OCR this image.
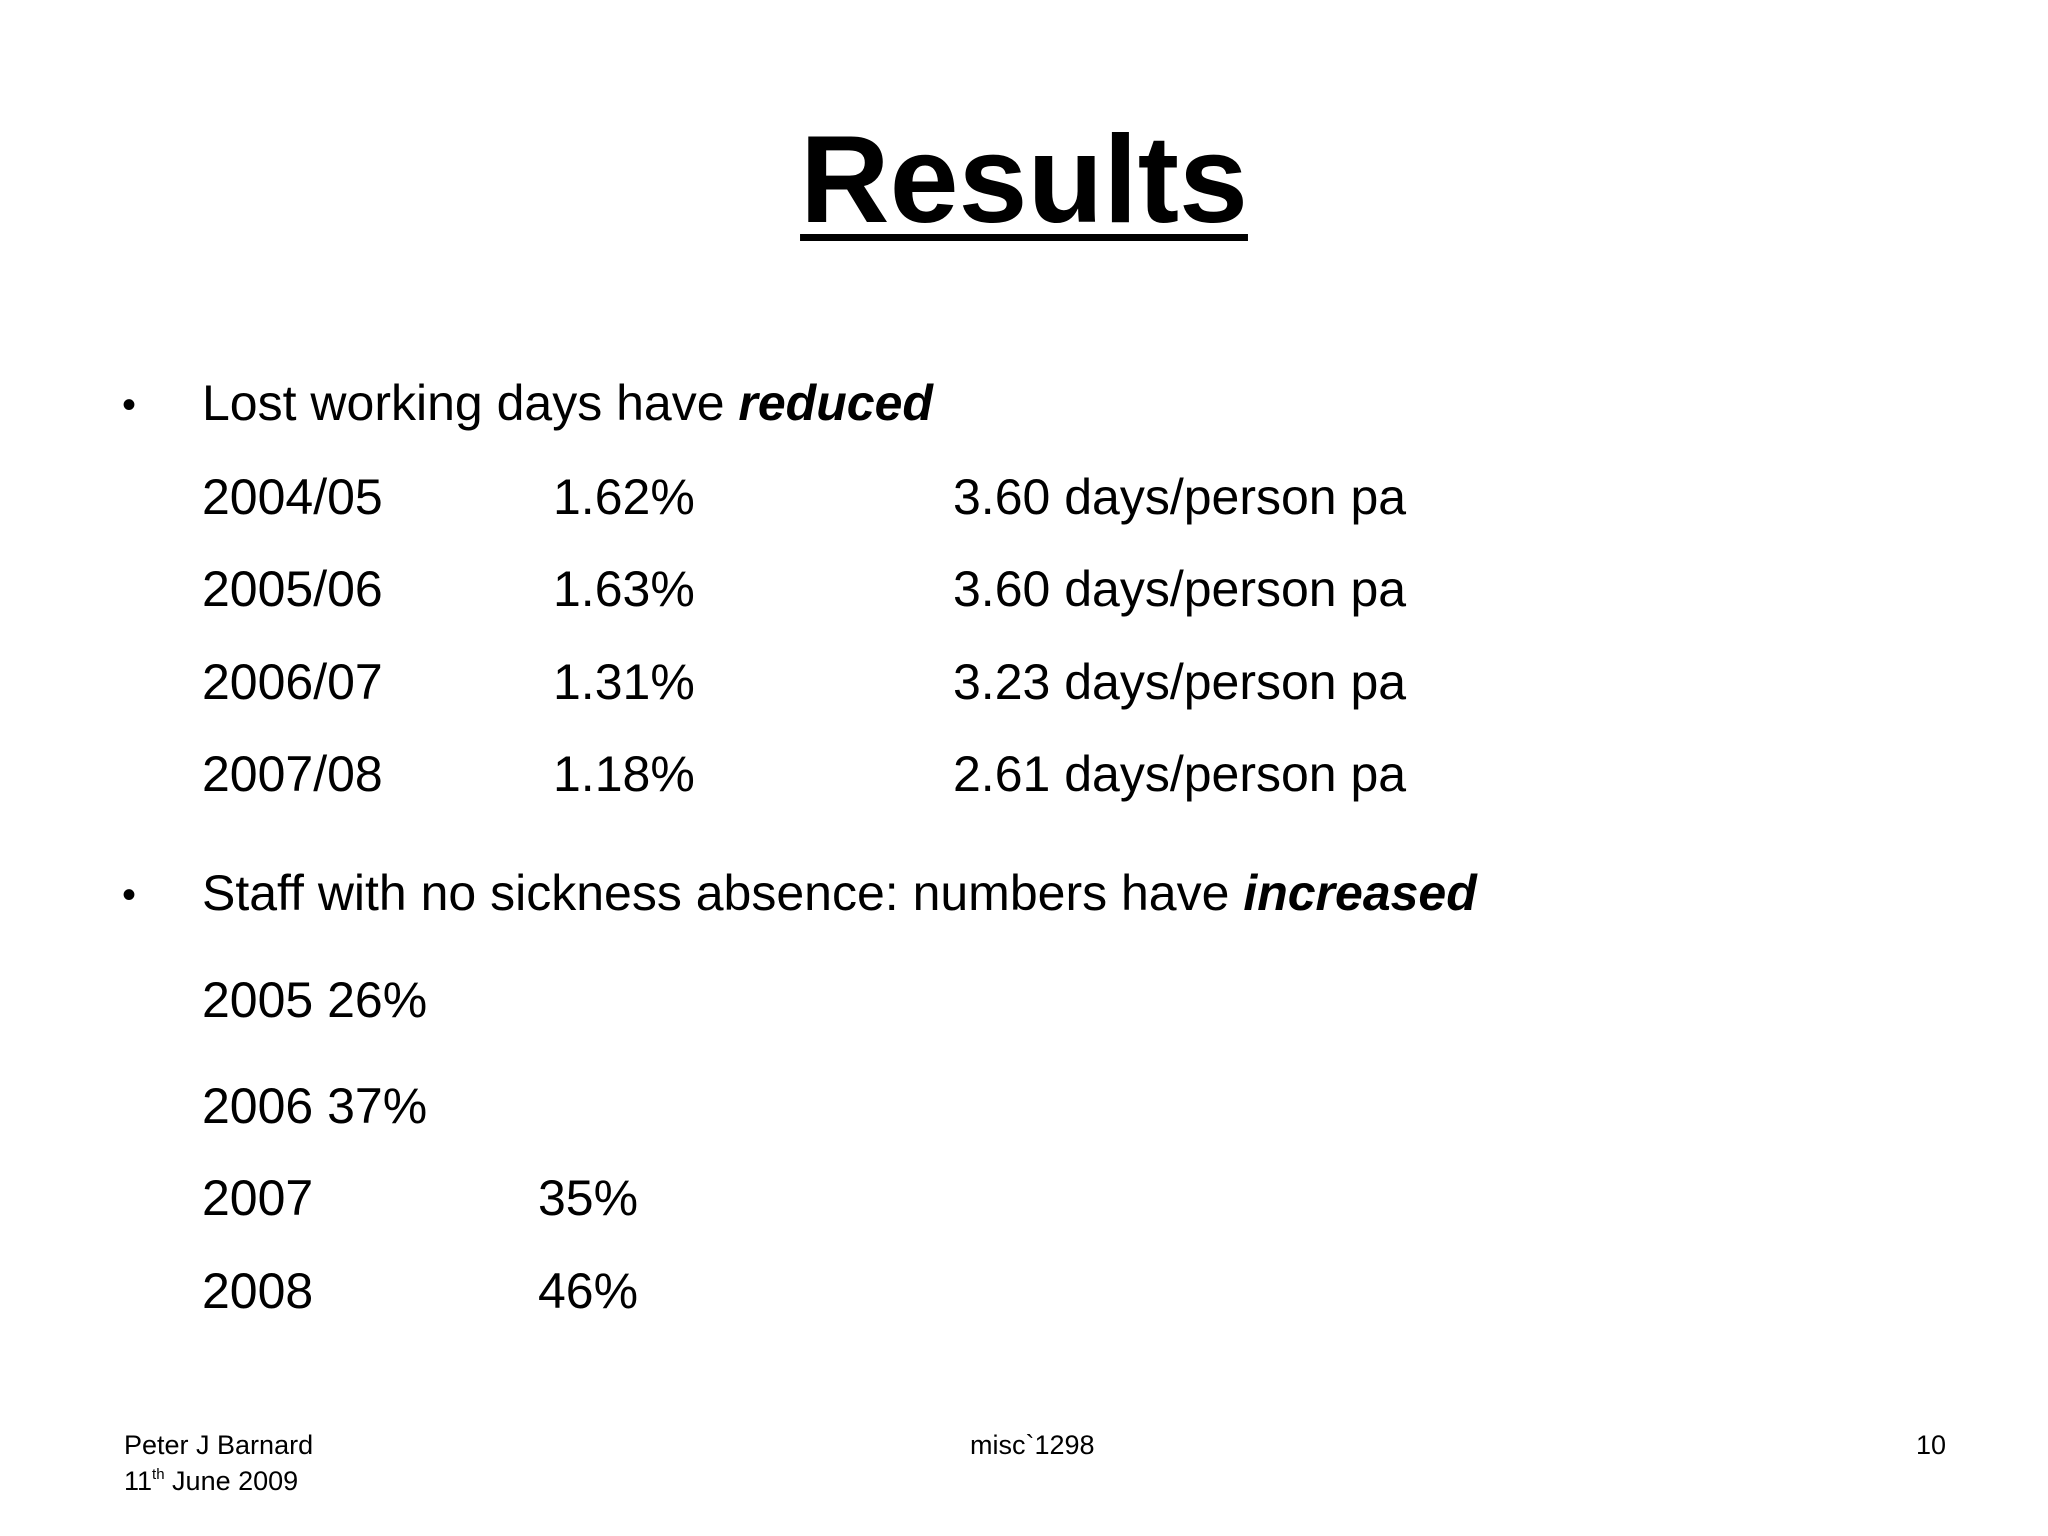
Results
• Lost working days have reduced
2004/05	1.62%	3.60 days/person pa
2005/06	1.63%	3.60 days/person pa
2006/07	1.31%	3.23 days/person pa
2007/08	1.18%	2.61 days/person pa
• Staff with no sickness absence: numbers have increased
2005 26%
2006 37%
2007	35%
2008	46%
Peter J Barnard
11th June 2009
misc`1298	10
